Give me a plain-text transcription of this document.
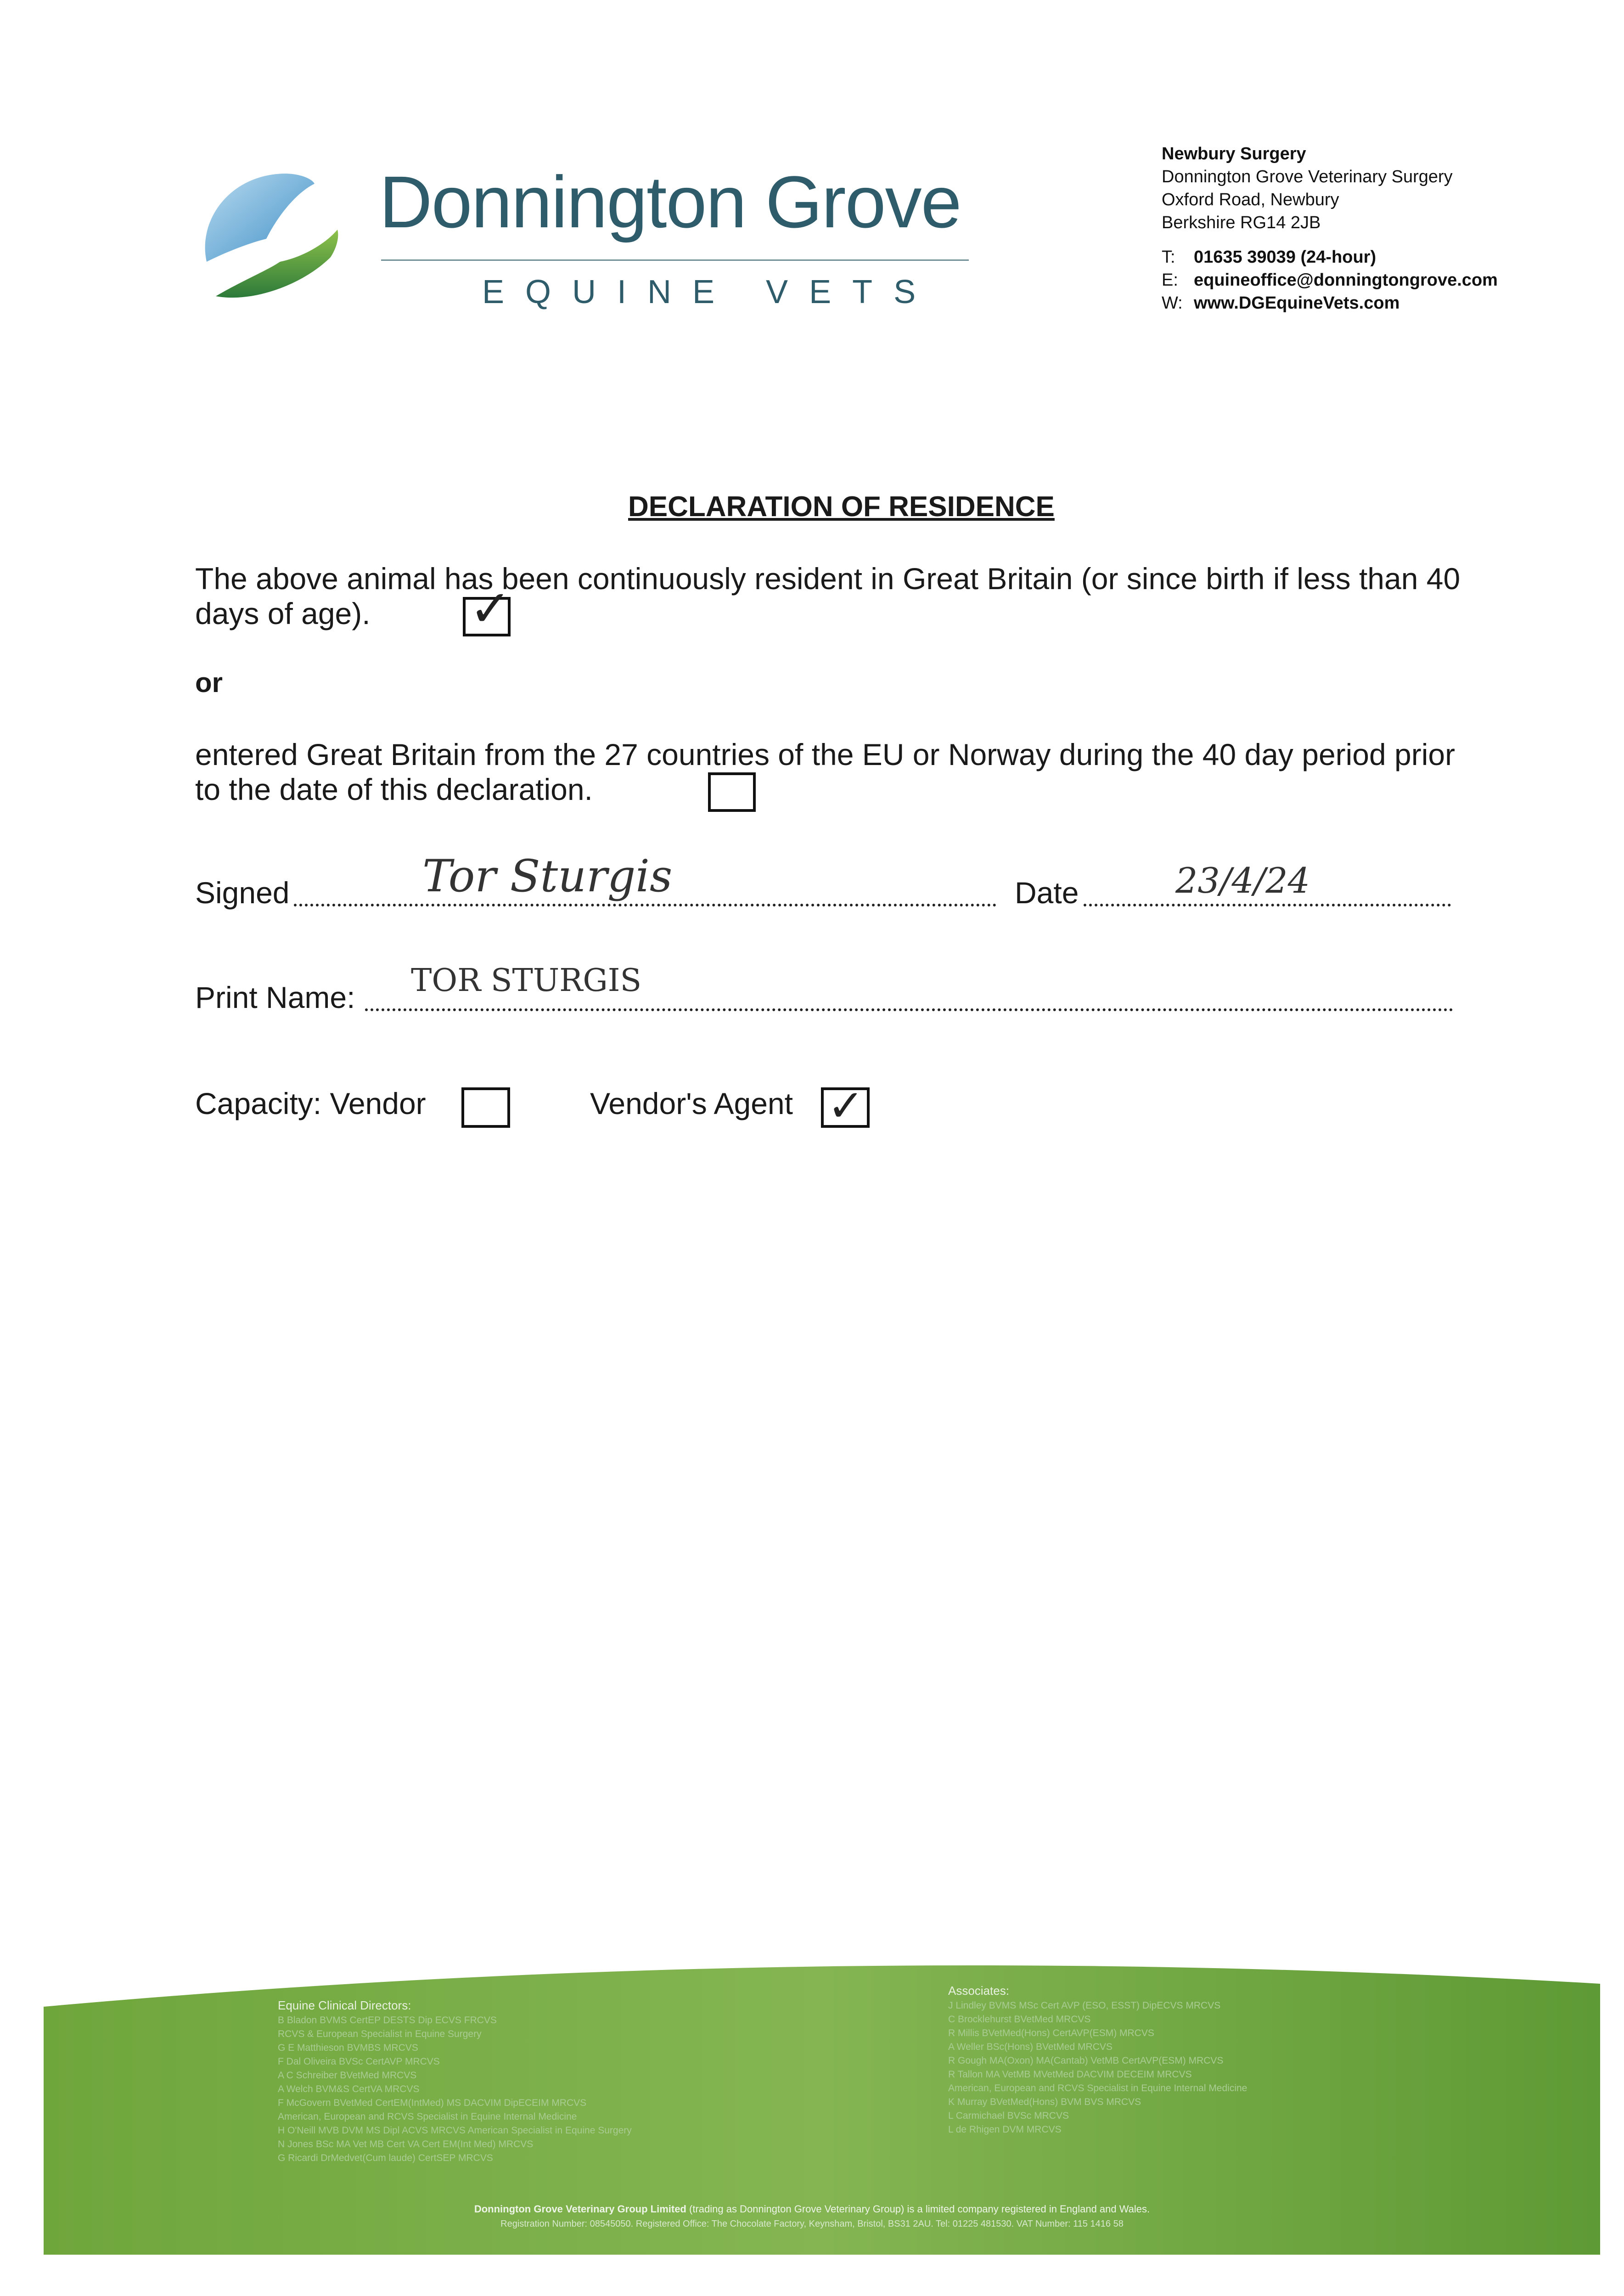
Donnington Grove
EQUINE VETS
Newbury Surgery
Donnington Grove Veterinary Surgery
Oxford Road, Newbury
Berkshire RG14 2JB
T: 01635 39039 (24-hour)
E: equineoffice@donningtongrove.com
W: www.DGEquineVets.com
DECLARATION OF RESIDENCE
The above animal has been continuously resident in Great Britain (or since birth if less than 40 days of age).	✓
or
entered Great Britain from the 27 countries of the EU or Norway during the 40 day period prior to the date of this declaration.
Signed	Tor Sturgis	Date	23/4/24
Print Name: TOR STURGIS
Capacity: Vendor	Vendor's Agent ✓
Equine Clinical Directors:
B Bladon BVMS CertEP DESTS Dip ECVS FRCVS
RCVS & European Specialist in Equine Surgery
G E Matthieson BVMBS MRCVS
F Dal Oliveira BVSc CertAVP MRCVS
A C Schreiber BVetMed MRCVS
A Welch BVM&S CertVA MRCVS
F McGovern BVetMed CertEM(IntMed) MS DACVIM DipECEIM MRCVS
American, European and RCVS Specialist in Equine Internal Medicine
H O'Neill MVB DVM MS Dipl ACVS MRCVS American Specialist in Equine Surgery
N Jones BSc MA Vet MB Cert VA Cert EM(Int Med) MRCVS
G Ricardi DrMedvet(Cum laude) CertSEP MRCVS
Associates:
J Lindley BVMS MSc Cert AVP (ESO, ESST) DipECVS MRCVS
C Brocklehurst BVetMed MRCVS
R Millis BVetMed(Hons) CertAVP(ESM) MRCVS
A Weller BSc(Hons) BVetMed MRCVS
R Gough MA(Oxon) MA(Cantab) VetMB CertAVP(ESM) MRCVS
R Tallon MA VetMB MVetMed DACVIM DECEIM MRCVS
American, European and RCVS Specialist in Equine Internal Medicine
K Murray BVetMed(Hons) BVM BVS MRCVS
L Carmichael BVSc MRCVS
L de Rhigen DVM MRCVS
Donnington Grove Veterinary Group Limited (trading as Donnington Grove Veterinary Group) is a limited company registered in England and Wales.
Registration Number: 08545050. Registered Office: The Chocolate Factory, Keynsham, Bristol, BS31 2AU. Tel: 01225 481530. VAT Number: 115 1416 58
